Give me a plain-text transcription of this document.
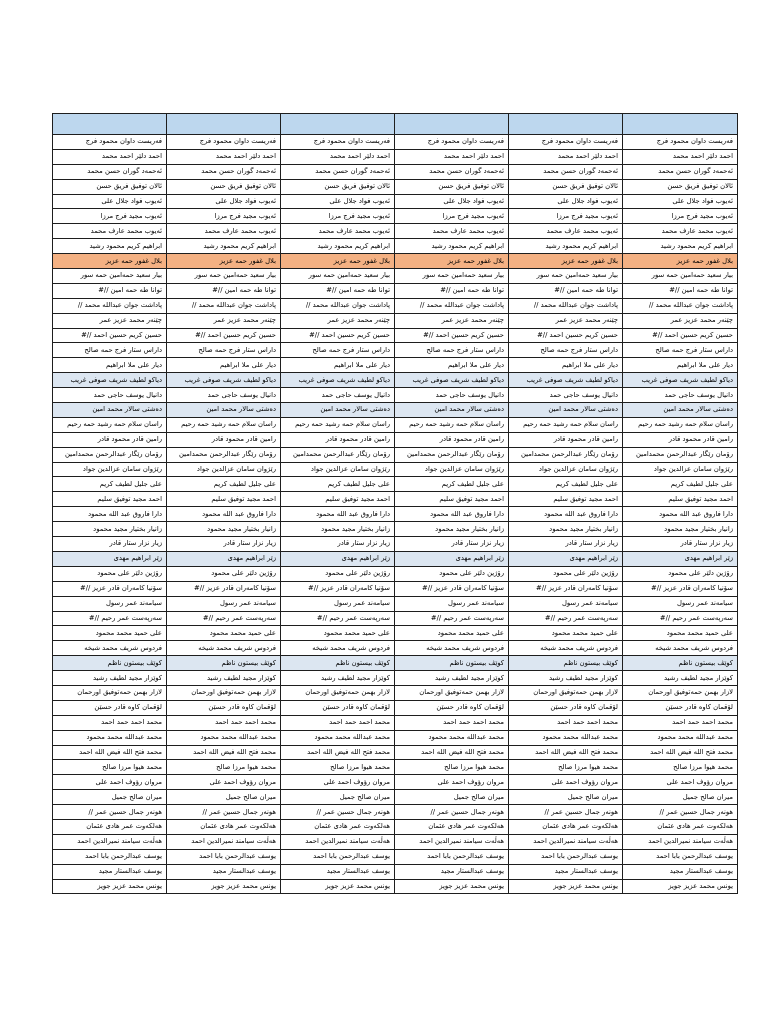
فەریست داوان محمود فرج	فەریست داوان محمود فرج	فەریست داوان محمود فرج	فەریست داوان محمود فرج	فەریست داوان محمود فرج	فەریست داوان محمود فرج
احمد دلێر احمد محمد	احمد دلێر احمد محمد	احمد دلێر احمد محمد	احمد دلێر احمد محمد	احمد دلێر احمد محمد	احمد دلێر احمد محمد
ئەحمەد گوران حسن محمد	ئەحمەد گوران حسن محمد	ئەحمەد گوران حسن محمد	ئەحمەد گوران حسن محمد	ئەحمەد گوران حسن محمد	ئەحمەد گوران حسن محمد
ئالان توفیق فریق حسن	ئالان توفیق فریق حسن	ئالان توفیق فریق حسن	ئالان توفیق فریق حسن	ئالان توفیق فریق حسن	ئالان توفیق فریق حسن
ئەیوب فواد جلال علی	ئەیوب فواد جلال علی	ئەیوب فواد جلال علی	ئەیوب فواد جلال علی	ئەیوب فواد جلال علی	ئەیوب فواد جلال علی
ئەیوب مجید فرج مرزا	ئەیوب مجید فرج مرزا	ئەیوب مجید فرج مرزا	ئەیوب مجید فرج مرزا	ئەیوب مجید فرج مرزا	ئەیوب مجید فرج مرزا
ئەیوب محمد عارف محمد	ئەیوب محمد عارف محمد	ئەیوب محمد عارف محمد	ئەیوب محمد عارف محمد	ئەیوب محمد عارف محمد	ئەیوب محمد عارف محمد
ابراهیم کریم محمود رشید	ابراهیم کریم محمود رشید	ابراهیم کریم محمود رشید	ابراهیم کریم محمود رشید	ابراهیم کریم محمود رشید	ابراهیم کریم محمود رشید
بلال غفور حمه عزیز	بلال غفور حمه عزیز	بلال غفور حمه عزیز	بلال غفور حمه عزیز	بلال غفور حمه عزیز	بلال غفور حمه عزیز
بیار سعید حمەامین حمه سور	بیار سعید حمەامین حمه سور	بیار سعید حمەامین حمه سور	بیار سعید حمەامین حمه سور	بیار سعید حمەامین حمه سور	بیار سعید حمەامین حمه سور
توانا طه حمه امین //#	توانا طه حمه امین //#	توانا طه حمه امین //#	توانا طه حمه امین //#	توانا طه حمه امین //#	توانا طه حمه امین //#
پاداشت جوان عبدالله محمد //	پاداشت جوان عبدالله محمد //	پاداشت جوان عبدالله محمد //	پاداشت جوان عبدالله محمد //	پاداشت جوان عبدالله محمد //	پاداشت جوان عبدالله محمد //
چێنەر محمد عزیز عمر	چێنەر محمد عزیز عمر	چێنەر محمد عزیز عمر	چێنەر محمد عزیز عمر	چێنەر محمد عزیز عمر	چێنەر محمد عزیز عمر
حسین کریم حسین احمد //#	حسین کریم حسین احمد //#	حسین کریم حسین احمد //#	حسین کریم حسین احمد //#	حسین کریم حسین احمد //#	حسین کریم حسین احمد //#
دارا‌س ستار فرج حمه صالح	دارا‌س ستار فرج حمه صالح	دارا‌س ستار فرج حمه صالح	دارا‌س ستار فرج حمه صالح	دارا‌س ستار فرج حمه صالح	دارا‌س ستار فرج حمه صالح
دیار علی ملا ابراهیم	دیار علی ملا ابراهیم	دیار علی ملا ابراهیم	دیار علی ملا ابراهیم	دیار علی ملا ابراهیم	دیار علی ملا ابراهیم
دیاکو لطیف شریف صوفی غریب	دیاکو لطیف شریف صوفی غریب	دیاکو لطیف شریف صوفی غریب	دیاکو لطیف شریف صوفی غریب	دیاکو لطیف شریف صوفی غریب	دیاکو لطیف شریف صوفی غریب
دانیال یوسف حاجی حمد	دانیال یوسف حاجی حمد	دانیال یوسف حاجی حمد	دانیال یوسف حاجی حمد	دانیال یوسف حاجی حمد	دانیال یوسف حاجی حمد
دەشتی سالار محمد امین	دەشتی سالار محمد امین	دەشتی سالار محمد امین	دەشتی سالار محمد امین	دەشتی سالار محمد امین	دەشتی سالار محمد امین
راسان سلام حمه رشید حمه رحیم	راسان سلام حمه رشید حمه رحیم	راسان سلام حمه رشید حمه رحیم	راسان سلام حمه رشید حمه رحیم	راسان سلام حمه رشید حمه رحیم	راسان سلام حمه رشید حمه رحیم
رامین قادر محمود قادر	رامین قادر محمود قادر	رامین قادر محمود قادر	رامین قادر محمود قادر	رامین قادر محمود قادر	رامین قادر محمود قادر
رۆمان رێگار عبدالرحمن محمدامین	رۆمان رێگار عبدالرحمن محمدامین	رۆمان رێگار عبدالرحمن محمدامین	رۆمان رێگار عبدالرحمن محمدامین	رۆمان رێگار عبدالرحمن محمدامین	رۆمان رێگار عبدالرحمن محمدامین
رێژوان سامان عزالدین جواد	رێژوان سامان عزالدین جواد	رێژوان سامان عزالدین جواد	رێژوان سامان عزالدین جواد	رێژوان سامان عزالدین جواد	رێژوان سامان عزالدین جواد
علی جلیل لطیف کریم	علی جلیل لطیف کریم	علی جلیل لطیف کریم	علی جلیل لطیف کریم	علی جلیل لطیف کریم	علی جلیل لطیف کریم
احمد مجید توفیق سلیم	احمد مجید توفیق سلیم	احمد مجید توفیق سلیم	احمد مجید توفیق سلیم	احمد مجید توفیق سلیم	احمد مجید توفیق سلیم
دارا فاروق عبد الله محمود	دارا فاروق عبد الله محمود	دارا فاروق عبد الله محمود	دارا فاروق عبد الله محمود	دارا فاروق عبد الله محمود	دارا فاروق عبد الله محمود
زانیار بختیار مجید محمود	زانیار بختیار مجید محمود	زانیار بختیار مجید محمود	زانیار بختیار مجید محمود	زانیار بختیار مجید محمود	زانیار بختیار مجید محمود
زیار نزار ستار قادر	زیار نزار ستار قادر	زیار نزار ستار قادر	زیار نزار ستار قادر	زیار نزار ستار قادر	زیار نزار ستار قادر
زێر ابراهیم مهدی	زێر ابراهیم مهدی	زێر ابراهیم مهدی	زێر ابراهیم مهدی	زێر ابراهیم مهدی	زێر ابراهیم مهدی
رۆژین دلێر علی محمود	رۆژین دلێر علی محمود	رۆژین دلێر علی محمود	رۆژین دلێر علی محمود	رۆژین دلێر علی محمود	رۆژین دلێر علی محمود
سۆنیا کامەران قادر عزیز //#	سۆنیا کامەران قادر عزیز //#	سۆنیا کامەران قادر عزیز //#	سۆنیا کامەران قادر عزیز //#	سۆنیا کامەران قادر عزیز //#	سۆنیا کامەران قادر عزیز //#
سیامەند عمر رسول	سیامەند عمر رسول	سیامەند عمر رسول	سیامەند عمر رسول	سیامەند عمر رسول	سیامەند عمر رسول
سەرپەست عمر رحیم //#	سەرپەست عمر رحیم //#	سەرپەست عمر رحیم //#	سەرپەست عمر رحیم //#	سەرپەست عمر رحیم //#	سەرپەست عمر رحیم //#
علی حمید محمد محمود	علی حمید محمد محمود	علی حمید محمد محمود	علی حمید محمد محمود	علی حمید محمد محمود	علی حمید محمد محمود
فردوس شریف محمد شیخه	فردوس شریف محمد شیخه	فردوس شریف محمد شیخه	فردوس شریف محمد شیخه	فردوس شریف محمد شیخه	فردوس شریف محمد شیخه
کوێڤ بیستون ناظم	کوێڤ بیستون ناظم	کوێڤ بیستون ناظم	کوێڤ بیستون ناظم	کوێڤ بیستون ناظم	کوێڤ بیستون ناظم
کوێزار مجید لطیف رشید	کوێزار مجید لطیف رشید	کوێزار مجید لطیف رشید	کوێزار مجید لطیف رشید	کوێزار مجید لطیف رشید	کوێزار مجید لطیف رشید
لازار بهمن حمەتوفیق اورحمان	لازار بهمن حمەتوفیق اورحمان	لازار بهمن حمەتوفیق اورحمان	لازار بهمن حمەتوفیق اورحمان	لازار بهمن حمەتوفیق اورحمان	لازار بهمن حمەتوفیق اورحمان
لۆقمان کاوه قادر حسێن	لۆقمان کاوه قادر حسێن	لۆقمان کاوه قادر حسێن	لۆقمان کاوه قادر حسێن	لۆقمان کاوه قادر حسێن	لۆقمان کاوه قادر حسێن
محمد احمد حمد احمد	محمد احمد حمد احمد	محمد احمد حمد احمد	محمد احمد حمد احمد	محمد احمد حمد احمد	محمد احمد حمد احمد
محمد عبدالله محمد محمود	محمد عبدالله محمد محمود	محمد عبدالله محمد محمود	محمد عبدالله محمد محمود	محمد عبدالله محمد محمود	محمد عبدالله محمد محمود
محمد فتح الله فیض الله احمد	محمد فتح الله فیض الله احمد	محمد فتح الله فیض الله احمد	محمد فتح الله فیض الله احمد	محمد فتح الله فیض الله احمد	محمد فتح الله فیض الله احمد
محمد هیوا مرزا صالح	محمد هیوا مرزا صالح	محمد هیوا مرزا صالح	محمد هیوا مرزا صالح	محمد هیوا مرزا صالح	محمد هیوا مرزا صالح
مروان رؤوف احمد علی	مروان رؤوف احمد علی	مروان رؤوف احمد علی	مروان رؤوف احمد علی	مروان رؤوف احمد علی	مروان رؤوف احمد علی
میران صالح جمیل	میران صالح جمیل	میران صالح جمیل	میران صالح جمیل	میران صالح جمیل	میران صالح جمیل
هونەر جمال حسین عمر //	هونەر جمال حسین عمر //	هونەر جمال حسین عمر //	هونەر جمال حسین عمر //	هونەر جمال حسین عمر //	هونەر جمال حسین عمر //
هەلکەوت عمر هادی عثمان	هەلکەوت عمر هادی عثمان	هەلکەوت عمر هادی عثمان	هەلکەوت عمر هادی عثمان	هەلکەوت عمر هادی عثمان	هەلکەوت عمر هادی عثمان
هەڵەت سیامند نمیرالدین احمد	هەڵەت سیامند نمیرالدین احمد	هەڵەت سیامند نمیرالدین احمد	هەڵەت سیامند نمیرالدین احمد	هەڵەت سیامند نمیرالدین احمد	هەڵەت سیامند نمیرالدین احمد
یوسف عبدالرحمن بابا احمد	یوسف عبدالرحمن بابا احمد	یوسف عبدالرحمن بابا احمد	یوسف عبدالرحمن بابا احمد	یوسف عبدالرحمن بابا احمد	یوسف عبدالرحمن بابا احمد
یوسف عبدالستار مجید	یوسف عبدالستار مجید	یوسف عبدالستار مجید	یوسف عبدالستار مجید	یوسف عبدالستار مجید	یوسف عبدالستار مجید
یونس محمد عزیز جویز	یونس محمد عزیز جویز	یونس محمد عزیز جویز	یونس محمد عزیز جویز	یونس محمد عزیز جویز	یونس محمد عزیز جویز
